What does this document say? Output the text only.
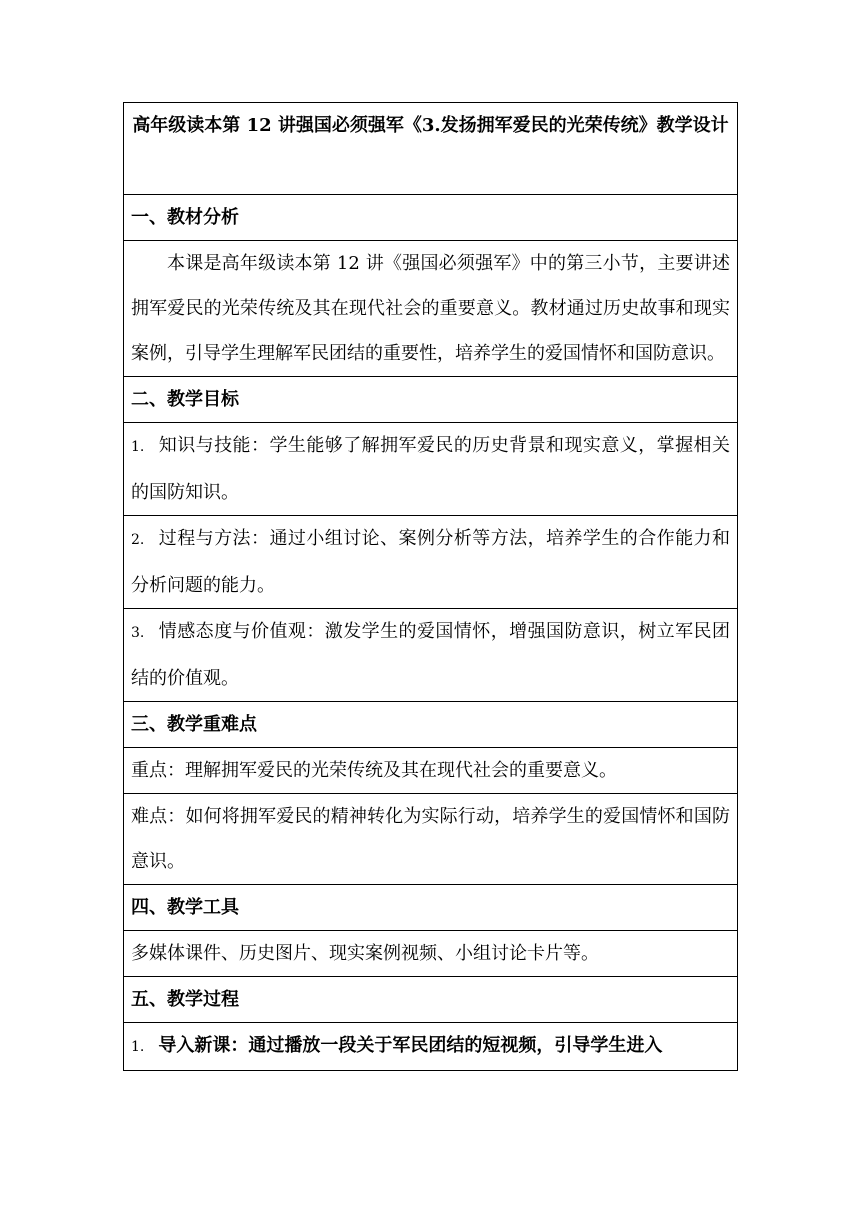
高年级读本第 12 讲强国必须强军《3.发扬拥军爱民的光荣传统》教学设计
一、教材分析
本课是高年级读本第 12 讲《强国必须强军》中的第三小节，主要讲述拥军爱民的光荣传统及其在现代社会的重要意义。教材通过历史故事和现实案例，引导学生理解军民团结的重要性，培养学生的爱国情怀和国防意识。
二、教学目标
1. 知识与技能：学生能够了解拥军爱民的历史背景和现实意义，掌握相关的国防知识。
2. 过程与方法：通过小组讨论、案例分析等方法，培养学生的合作能力和分析问题的能力。
3. 情感态度与价值观：激发学生的爱国情怀，增强国防意识，树立军民团结的价值观。
三、教学重难点
重点：理解拥军爱民的光荣传统及其在现代社会的重要意义。
难点：如何将拥军爱民的精神转化为实际行动，培养学生的爱国情怀和国防意识。
四、教学工具
多媒体课件、历史图片、现实案例视频、小组讨论卡片等。
五、教学过程
1. 导入新课：通过播放一段关于军民团结的短视频，引导学生进入
